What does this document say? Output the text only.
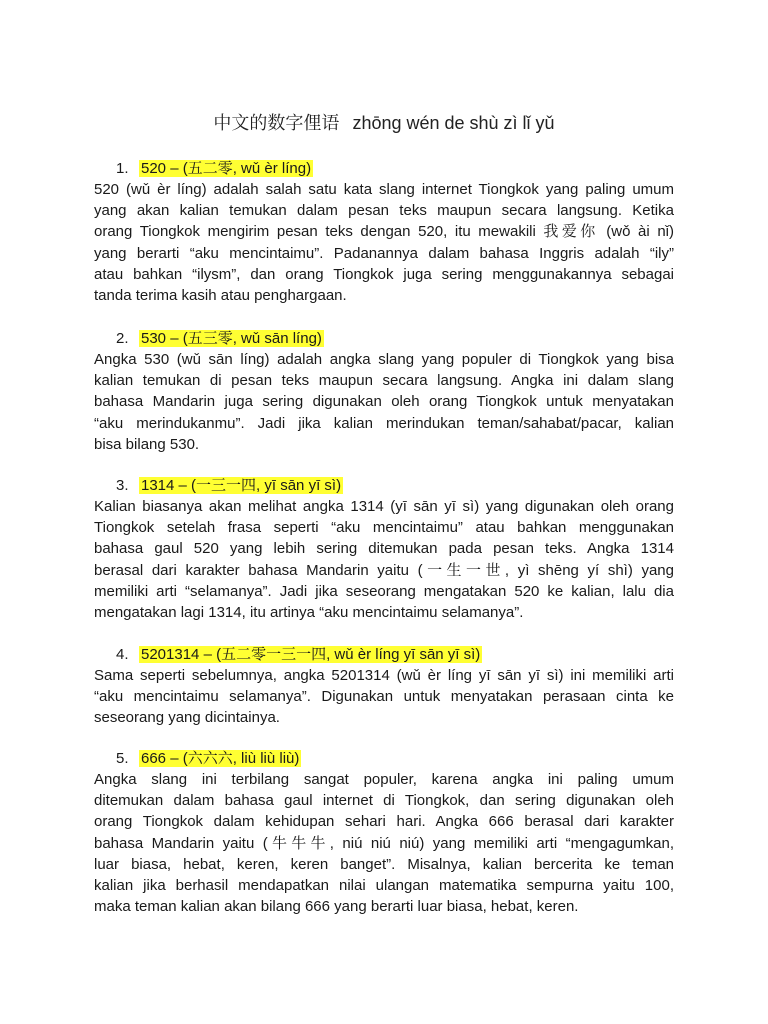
中文的数字俚语 zhōng wén de shù zì lǐ yǔ
1. 520 – (五二零, wǔ èr líng)
520 (wǔ èr líng) adalah salah satu kata slang internet Tiongkok yang paling umum
yang akan kalian temukan dalam pesan teks maupun secara langsung. Ketika
orang Tiongkok mengirim pesan teks dengan 520, itu mewakili 我爱你 (wǒ ài nǐ)
yang berarti “aku mencintaimu”. Padanannya dalam bahasa Inggris adalah “ily”
atau bahkan “ilysm”, dan orang Tiongkok juga sering menggunakannya sebagai
tanda terima kasih atau penghargaan.
2. 530 – (五三零, wǔ sān líng)
Angka 530 (wǔ sān líng) adalah angka slang yang populer di Tiongkok yang bisa
kalian temukan di pesan teks maupun secara langsung. Angka ini dalam slang
bahasa Mandarin juga sering digunakan oleh orang Tiongkok untuk menyatakan
“aku merindukanmu”. Jadi jika kalian merindukan teman/sahabat/pacar, kalian
bisa bilang 530.
3. 1314 – (一三一四, yī sān yī sì)
Kalian biasanya akan melihat angka 1314 (yī sān yī sì) yang digunakan oleh orang
Tiongkok setelah frasa seperti “aku mencintaimu” atau bahkan menggunakan
bahasa gaul 520 yang lebih sering ditemukan pada pesan teks. Angka 1314
berasal dari karakter bahasa Mandarin yaitu (一生一世, yì shēng yí shì) yang
memiliki arti “selamanya”. Jadi jika seseorang mengatakan 520 ke kalian, lalu dia
mengatakan lagi 1314, itu artinya “aku mencintaimu selamanya”.
4. 5201314 – (五二零一三一四, wǔ èr líng yī sān yī sì)
Sama seperti sebelumnya, angka 5201314 (wǔ èr líng yī sān yī sì) ini memiliki arti
“aku mencintaimu selamanya”. Digunakan untuk menyatakan perasaan cinta ke
seseorang yang dicintainya.
5. 666 – (六六六, liù liù liù)
Angka slang ini terbilang sangat populer, karena angka ini paling umum
ditemukan dalam bahasa gaul internet di Tiongkok, dan sering digunakan oleh
orang Tiongkok dalam kehidupan sehari hari. Angka 666 berasal dari karakter
bahasa Mandarin yaitu (牛牛牛, niú niú niú) yang memiliki arti “mengagumkan,
luar biasa, hebat, keren, keren banget”. Misalnya, kalian bercerita ke teman
kalian jika berhasil mendapatkan nilai ulangan matematika sempurna yaitu 100,
maka teman kalian akan bilang 666 yang berarti luar biasa, hebat, keren.
